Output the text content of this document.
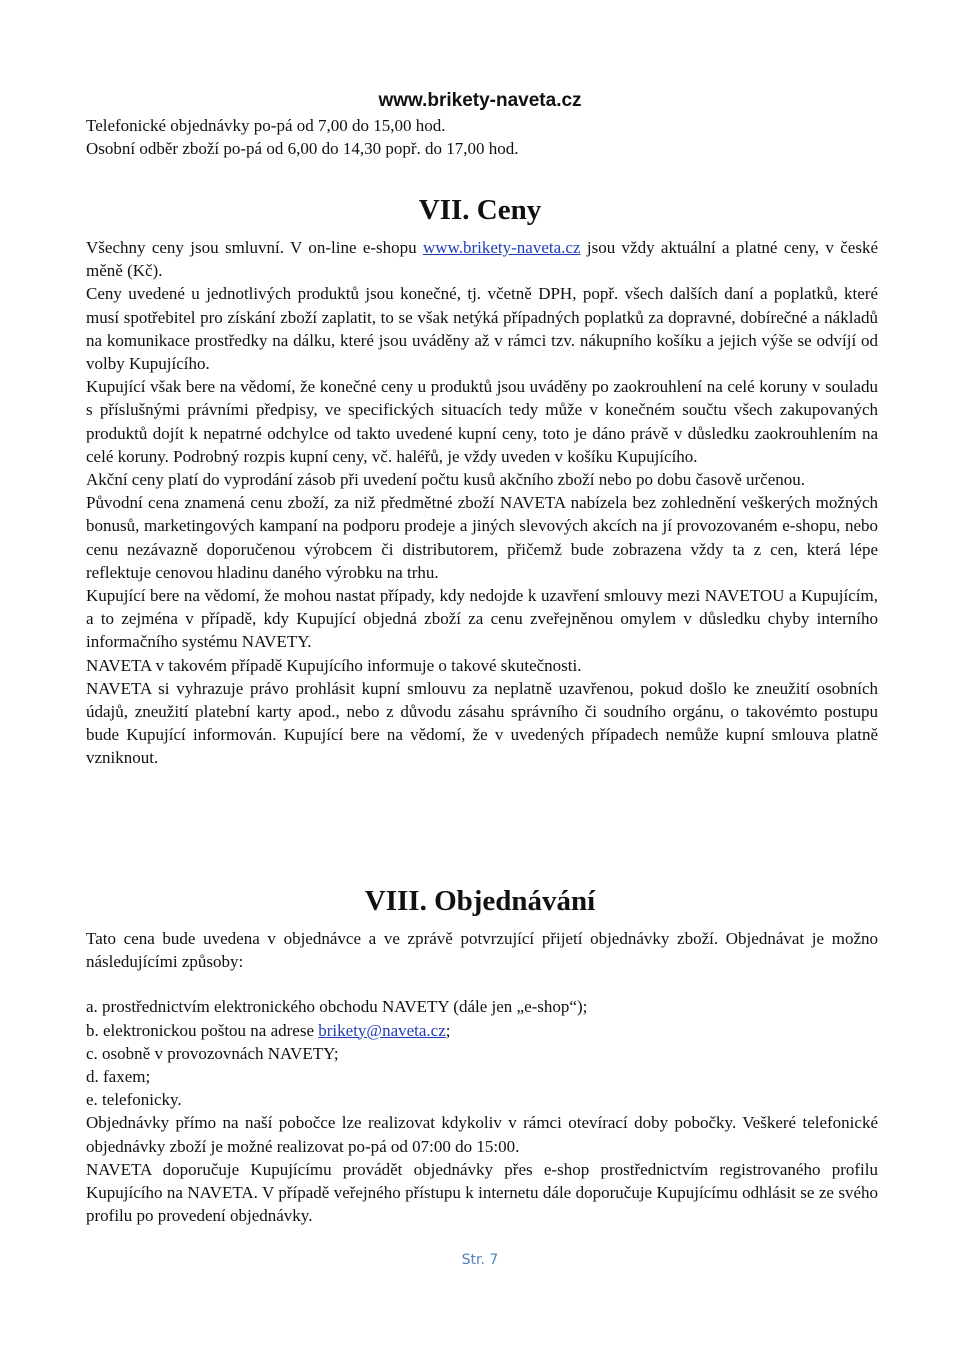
www.brikety-naveta.cz
Telefonické objednávky po-pá od 7,00 do 15,00 hod.
Osobní odběr zboží po-pá od 6,00 do 14,30 popř. do 17,00 hod.
VII. Ceny
Všechny ceny jsou smluvní. V on-line e-shopu www.brikety-naveta.cz jsou vždy aktuální a platné ceny, v české měně (Kč).
Ceny uvedené u jednotlivých produktů jsou konečné, tj. včetně DPH, popř. všech dalších daní a poplatků, které musí spotřebitel pro získání zboží zaplatit, to se však netýká případných poplatků za dopravné, dobírečné a nákladů na komunikace prostředky na dálku, které jsou uváděny až v rámci tzv. nákupního košíku a jejich výše se odvíjí od volby Kupujícího.
Kupující však bere na vědomí, že konečné ceny u produktů jsou uváděny po zaokrouhlení na celé koruny v souladu s příslušnými právními předpisy, ve specifických situacích tedy může v konečném součtu všech zakupovaných produktů dojít k nepatrné odchylce od takto uvedené kupní ceny, toto je dáno právě v důsledku zaokrouhlením na celé koruny. Podrobný rozpis kupní ceny, vč. haléřů, je vždy uveden v košíku Kupujícího.
Akční ceny platí do vyprodání zásob při uvedení počtu kusů akčního zboží nebo po dobu časově určenou.
Původní cena znamená cenu zboží, za niž předmětné zboží NAVETA nabízela bez zohlednění veškerých možných bonusů, marketingových kampaní na podporu prodeje a jiných slevových akcích na jí provozovaném e-shopu, nebo cenu nezávazně doporučenou výrobcem či distributorem, přičemž bude zobrazena vždy ta z cen, která lépe reflektuje cenovou hladinu daného výrobku na trhu.
Kupující bere na vědomí, že mohou nastat případy, kdy nedojde k uzavření smlouvy mezi NAVETOU a Kupujícím, a to zejména v případě, kdy Kupující objedná zboží za cenu zveřejněnou omylem v důsledku chyby interního informačního systému NAVETY.
NAVETA v takovém případě Kupujícího informuje o takové skutečnosti.
NAVETA si vyhrazuje právo prohlásit kupní smlouvu za neplatně uzavřenou, pokud došlo ke zneužití osobních údajů, zneužití platební karty apod., nebo z důvodu zásahu správního či soudního orgánu, o takovémto postupu bude Kupující informován. Kupující bere na vědomí, že v uvedených případech nemůže kupní smlouva platně vzniknout.
VIII. Objednávání
Tato cena bude uvedena v objednávce a ve zprávě potvrzující přijetí objednávky zboží. Objednávat je možno následujícími způsoby:
a. prostřednictvím elektronického obchodu NAVETY (dále jen „e-shop“);
b. elektronickou poštou na adrese brikety@naveta.cz;
c. osobně v provozovnách NAVETY;
d. faxem;
e. telefonicky.
Objednávky přímo na naší pobočce lze realizovat kdykoliv v rámci otevírací doby pobočky. Veškeré telefonické objednávky zboží je možné realizovat po-pá od 07:00 do 15:00.
NAVETA doporučuje Kupujícímu provádět objednávky přes e-shop prostřednictvím registrovaného profilu Kupujícího na NAVETA. V případě veřejného přístupu k internetu dále doporučuje Kupujícímu odhlásit se ze svého profilu po provedení objednávky.
Str. 7
